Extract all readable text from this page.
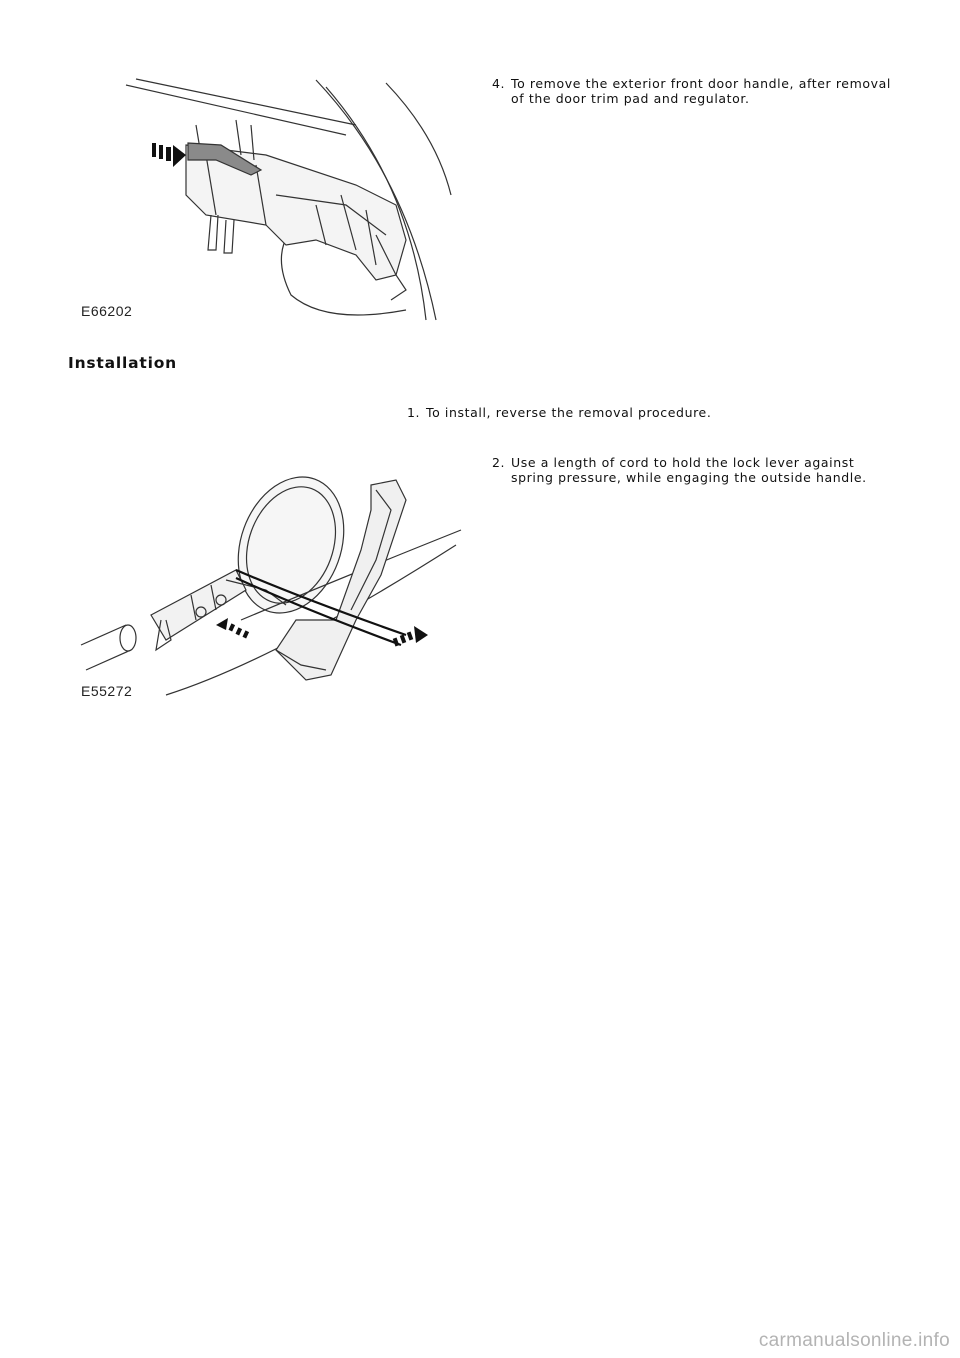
E66202
4. To remove the exterior front door handle, after removal
of the door trim pad and regulator.
Installation
1. To install, reverse the removal procedure.
2. Use a length of cord to hold the lock lever against
spring pressure, while engaging the outside handle.
E55272
carmanualsonline.info
